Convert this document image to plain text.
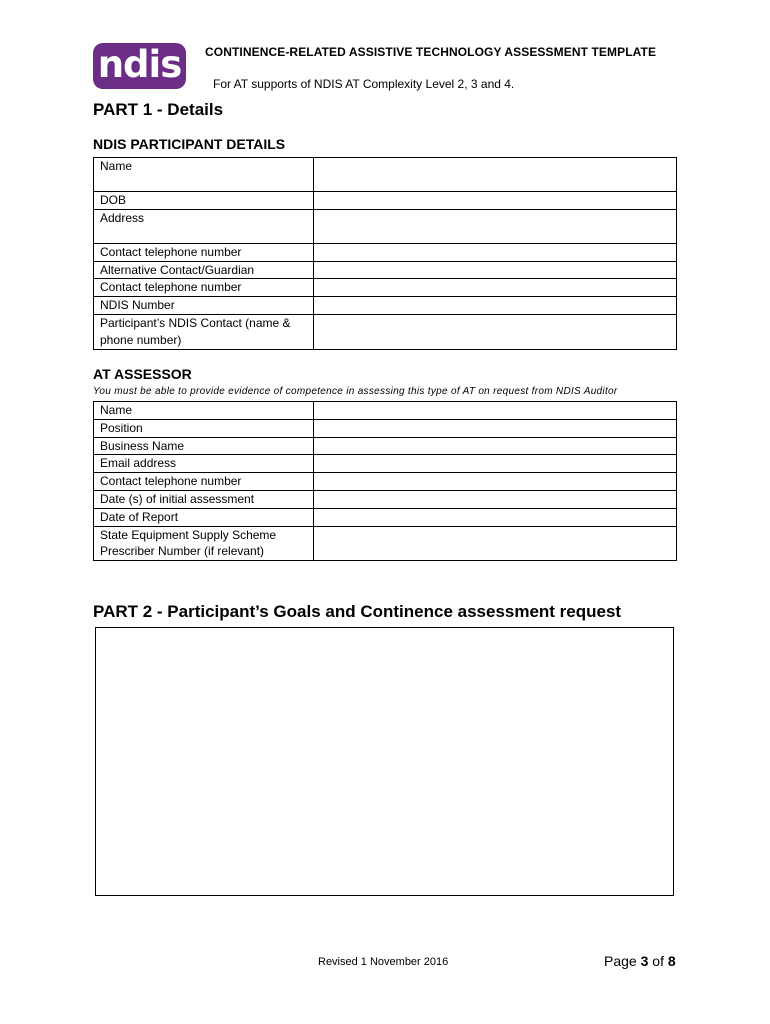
ndis	CONTINENCE-RELATED ASSISTIVE TECHNOLOGY ASSESSMENT TEMPLATE
For AT supports of NDIS AT Complexity Level 2, 3 and 4.
PART 1 - Details
NDIS PARTICIPANT DETAILS
Name	
DOB	
Address	
Contact telephone number	
Alternative Contact/Guardian	
Contact telephone number	
NDIS Number	
Participant’s NDIS Contact (name & phone number)	
AT ASSESSOR
You must be able to provide evidence of competence in assessing this type of AT on request from NDIS Auditor
Name	
Position	
Business Name	
Email address	
Contact telephone number	
Date (s) of initial assessment	
Date of Report	
State Equipment Supply Scheme Prescriber Number (if relevant)	
PART 2 - Participant’s Goals and Continence assessment request
Revised 1 November 2016	Page 3 of 8
